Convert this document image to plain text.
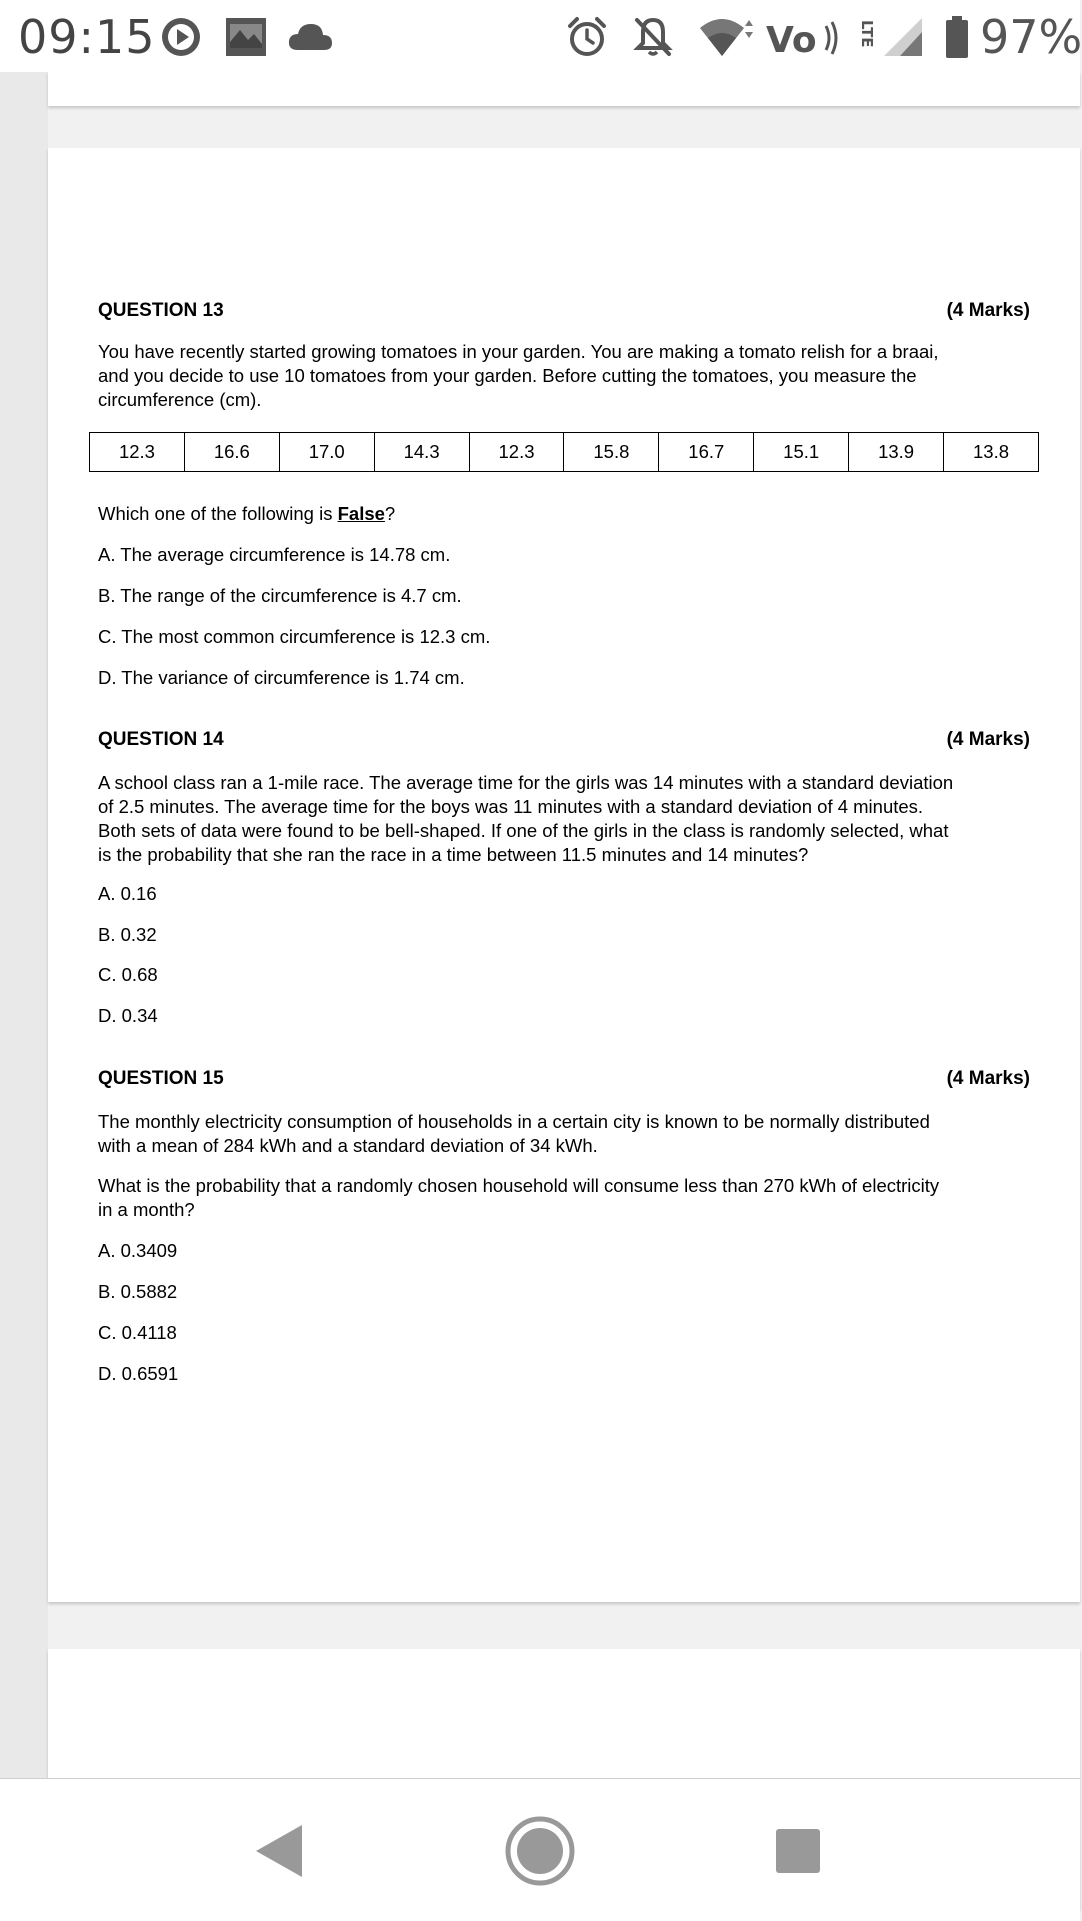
09:15	Vo	LTE 97%
QUESTION 13	(4 Marks)
You have recently started growing tomatoes in your garden. You are making a tomato relish for a braai, and you decide to use 10 tomatoes from your garden. Before cutting the tomatoes, you measure the circumference (cm).
12.3	16.6	17.0	14.3	12.3	15.8	16.7	15.1	13.9	13.8
Which one of the following is False?
A. The average circumference is 14.78 cm.
B. The range of the circumference is 4.7 cm.
C. The most common circumference is 12.3 cm.
D. The variance of circumference is 1.74 cm.
QUESTION 14	(4 Marks)
A school class ran a 1-mile race. The average time for the girls was 14 minutes with a standard deviation of 2.5 minutes. The average time for the boys was 11 minutes with a standard deviation of 4 minutes. Both sets of data were found to be bell-shaped. If one of the girls in the class is randomly selected, what is the probability that she ran the race in a time between 11.5 minutes and 14 minutes?
A. 0.16
B. 0.32
C. 0.68
D. 0.34
QUESTION 15	(4 Marks)
The monthly electricity consumption of households in a certain city is known to be normally distributed with a mean of 284 kWh and a standard deviation of 34 kWh.
What is the probability that a randomly chosen household will consume less than 270 kWh of electricity in a month?
A. 0.3409
B. 0.5882
C. 0.4118
D. 0.6591
